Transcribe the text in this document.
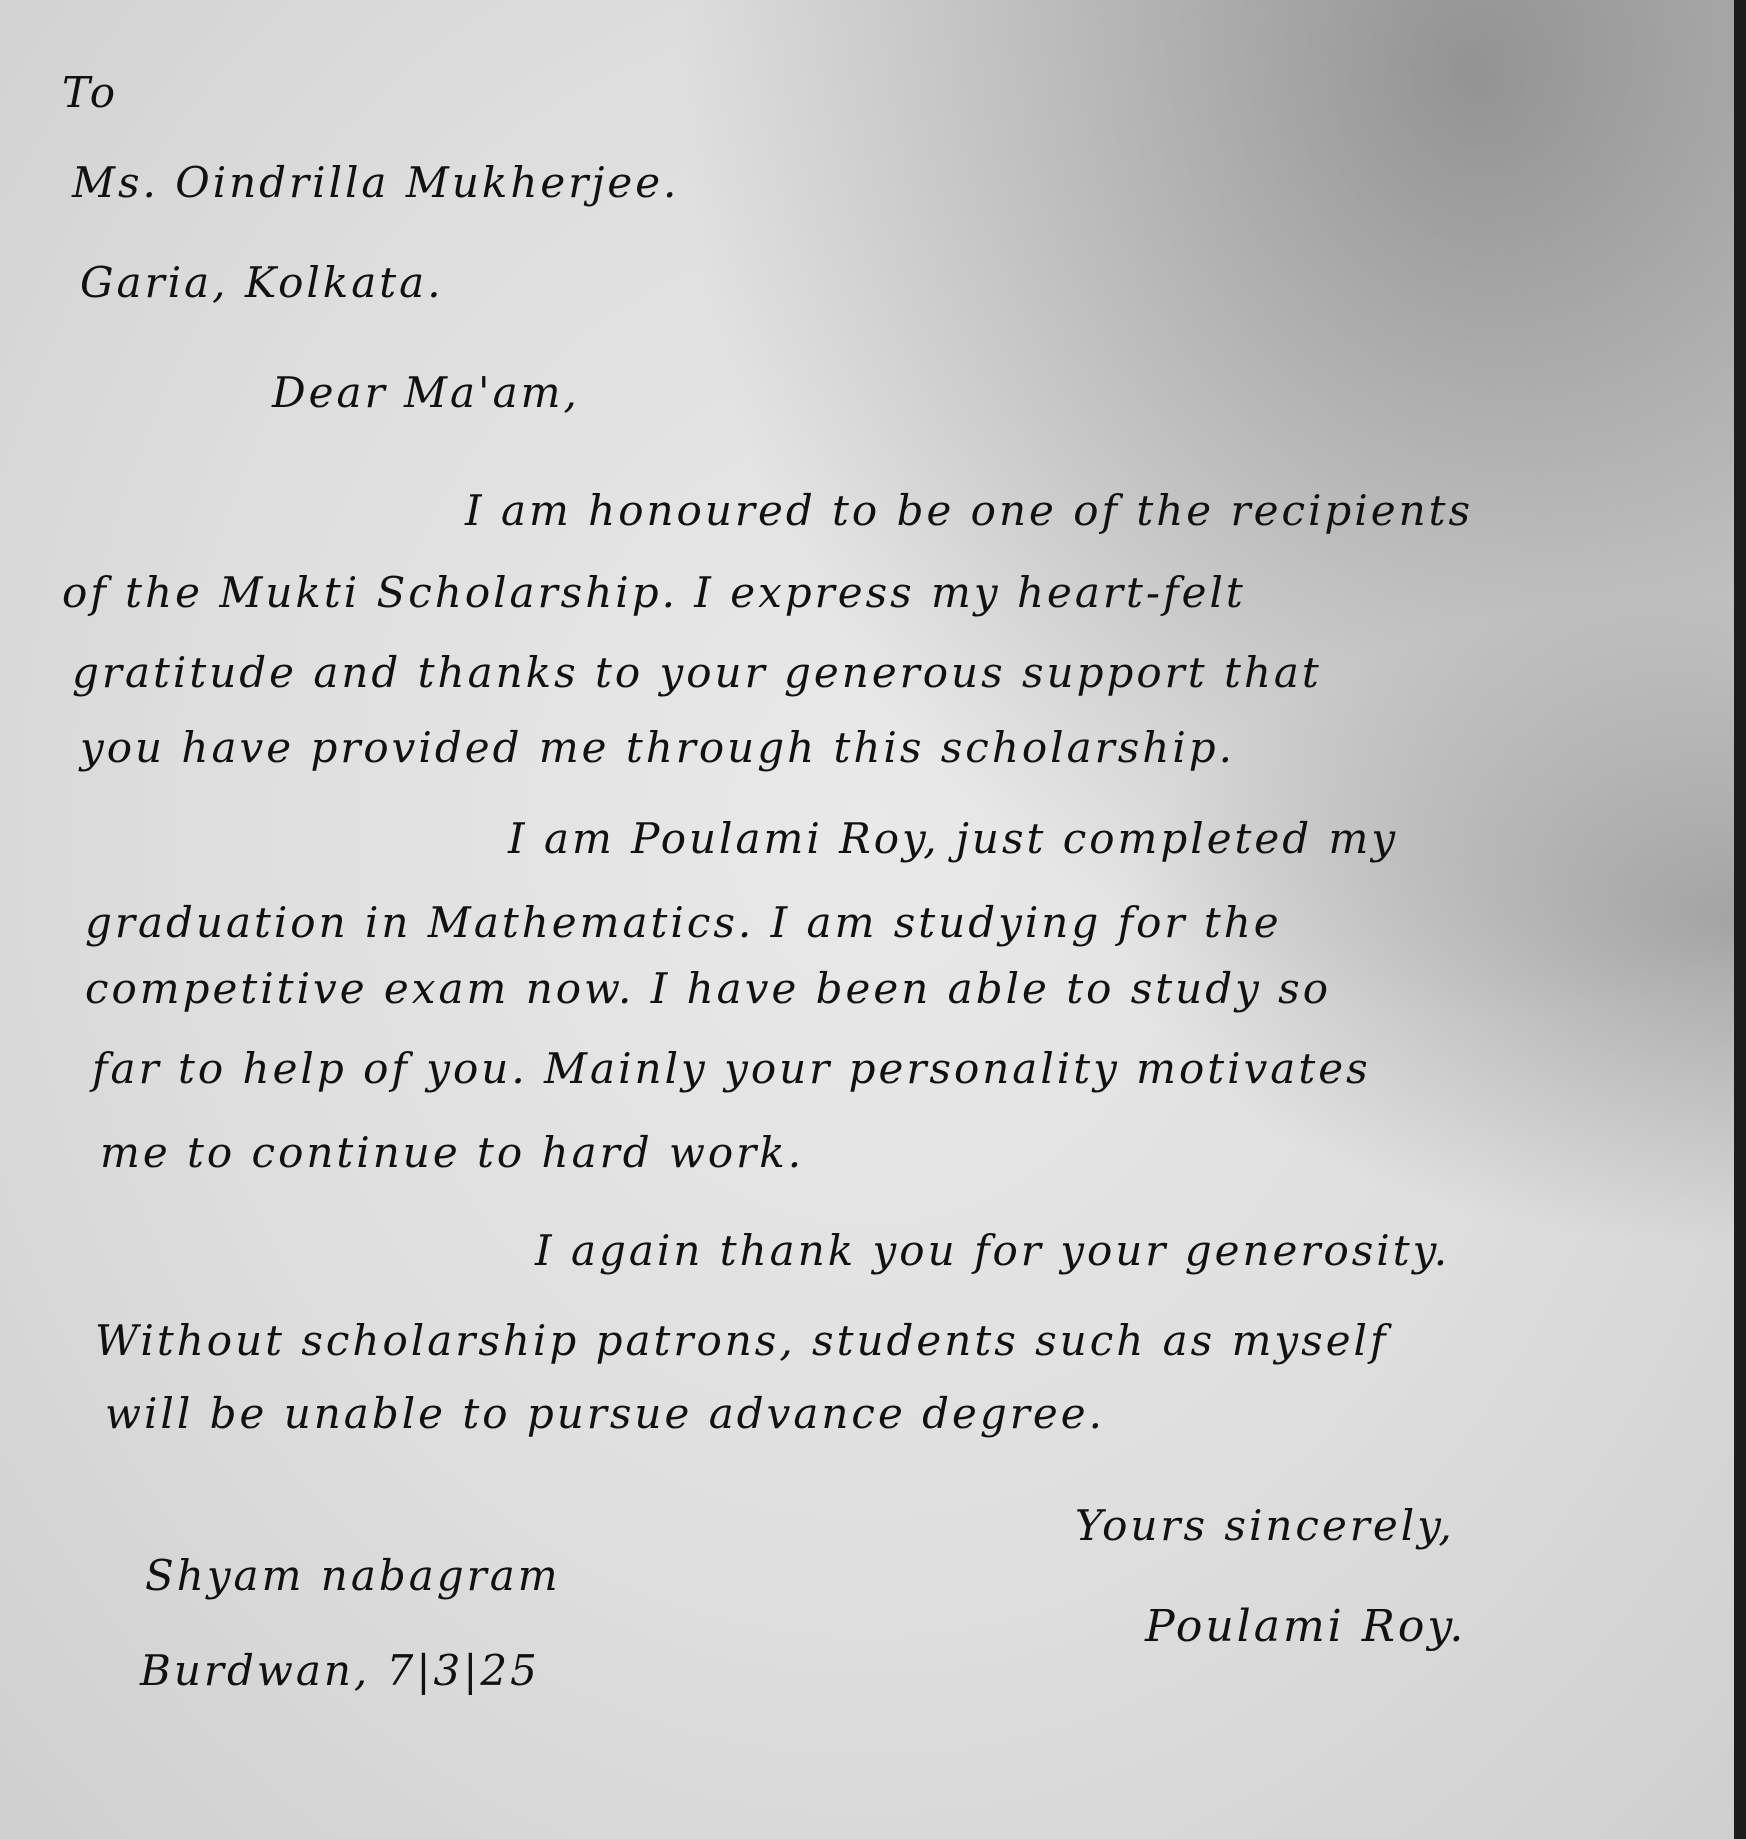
To
Ms. Oindrilla Mukherjee.
Garia, Kolkata.
Dear Ma'am,
I am honoured to be one of the recipients
of the Mukti Scholarship. I express my heart-felt
gratitude and thanks to your generous support that
you have provided me through this scholarship.
I am Poulami Roy, just completed my
graduation in Mathematics. I am studying for the
competitive exam now. I have been able to study so
far to help of you. Mainly your personality motivates
me to continue to hard work.
I again thank you for your generosity.
Without scholarship patrons, students such as myself
will be unable to pursue advance degree.
Yours sincerely,
Poulami Roy.
Shyam nabagram
Burdwan, 7|3|25
